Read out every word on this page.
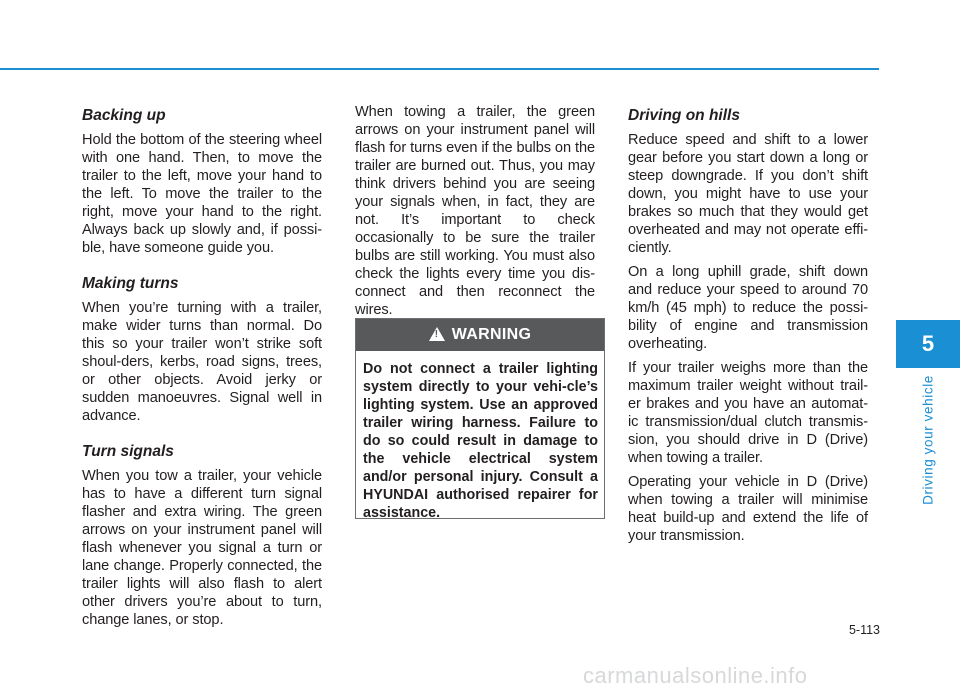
Backing up

Hold the bottom of the steering wheel with one hand. Then, to move the trailer to the left, move your hand to the left. To move the trailer to the right, move your hand to the right. Always back up slowly and, if possi-ble, have someone guide you.

Making turns

When you’re turning with a trailer, make wider turns than normal. Do this so your trailer won’t strike soft shoul-ders, kerbs, road signs, trees, or other objects. Avoid jerky or sudden manoeuvres. Signal well in advance.

Turn signals

When you tow a trailer, your vehicle has to have a different turn signal flasher and extra wiring. The green arrows on your instrument panel will flash whenever you signal a turn or lane change. Properly connected, the trailer lights will also flash to alert other drivers you’re about to turn, change lanes, or stop.

When towing a trailer, the green arrows on your instrument panel will flash for turns even if the bulbs on the trailer are burned out. Thus, you may think drivers behind you are seeing your signals when, in fact, they are not. It’s important to check occasionally to be sure the trailer bulbs are still working. You must also check the lights every time you dis-connect and then reconnect the wires.

! WARNING
Do not connect a trailer lighting system directly to your vehi-cle’s lighting system. Use an approved trailer wiring harness. Failure to do so could result in damage to the vehicle electrical system and/or personal injury. Consult a HYUNDAI authorised repairer for assistance.
Driving on hills

Reduce speed and shift to a lower gear before you start down a long or steep downgrade. If you don’t shift down, you might have to use your brakes so much that they would get overheated and may not operate effi-ciently.

On a long uphill grade, shift down and reduce your speed to around 70 km/h (45 mph) to reduce the possi-bility of engine and transmission overheating.

If your trailer weighs more than the maximum trailer weight without trail-er brakes and you have an automat-ic transmission/dual clutch transmis-sion, you should drive in D (Drive) when towing a trailer.

Operating your vehicle in D (Drive) when towing a trailer will minimise heat build-up and extend the life of your transmission.

5
Driving your vehicle
5-113
carmanualsonline.info
